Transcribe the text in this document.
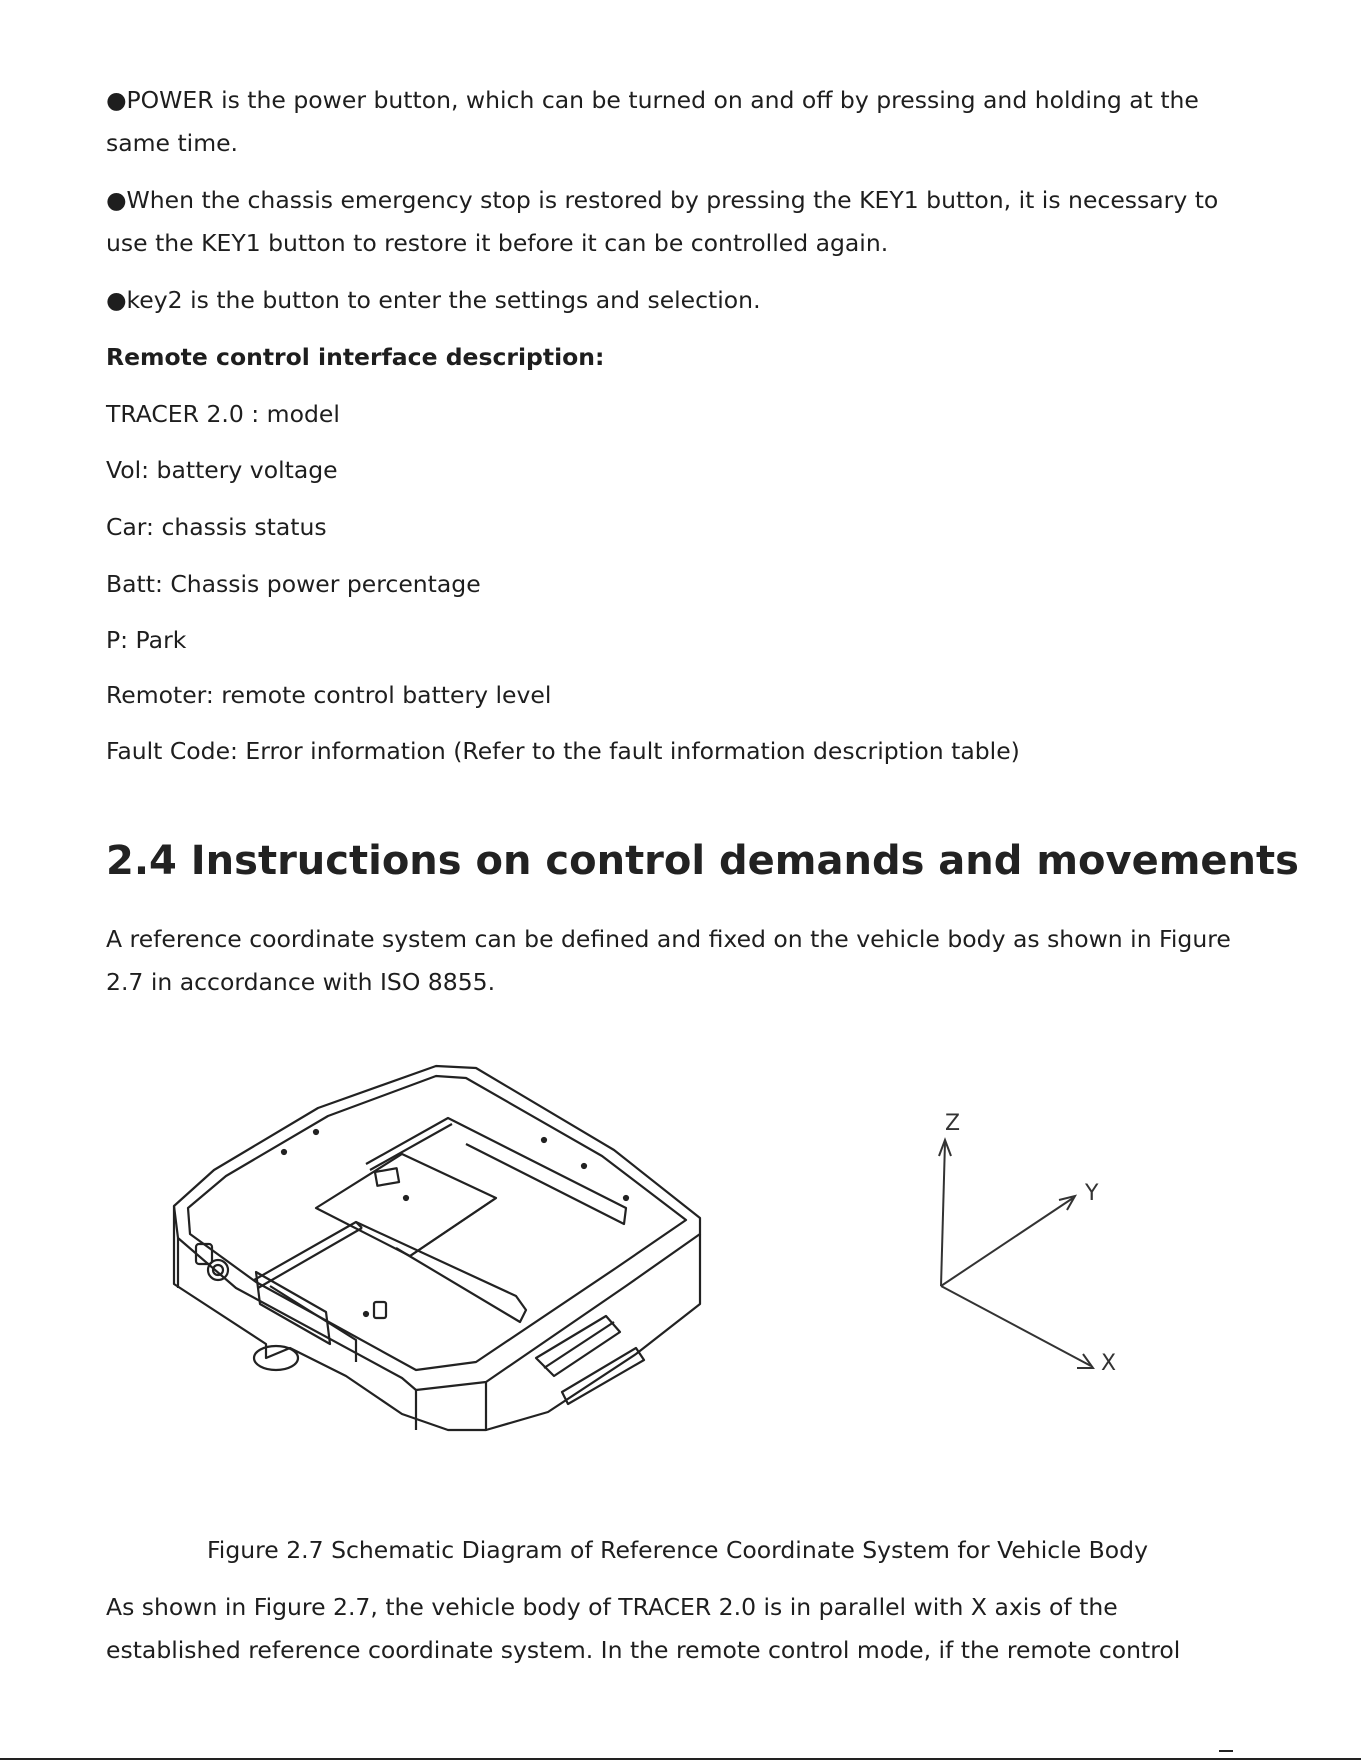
●POWER is the power button, which can be turned on and off by pressing and holding at the
same time.
●When the chassis emergency stop is restored by pressing the KEY1 button, it is necessary to
use the KEY1 button to restore it before it can be controlled again.
●key2 is the button to enter the settings and selection.
Remote control interface description:
TRACER 2.0 : model
Vol: battery voltage
Car: chassis status
Batt: Chassis power percentage
P: Park
Remoter: remote control battery level
Fault Code: Error information (Refer to the fault information description table)
2.4 Instructions on control demands and movements
A reference coordinate system can be defined and fixed on the vehicle body as shown in Figure
2.7 in accordance with ISO 8855.
Z
Y
X
Figure 2.7 Schematic Diagram of Reference Coordinate System for Vehicle Body
As shown in Figure 2.7, the vehicle body of TRACER 2.0 is in parallel with X axis of the
established reference coordinate system. In the remote control mode, if the remote control
